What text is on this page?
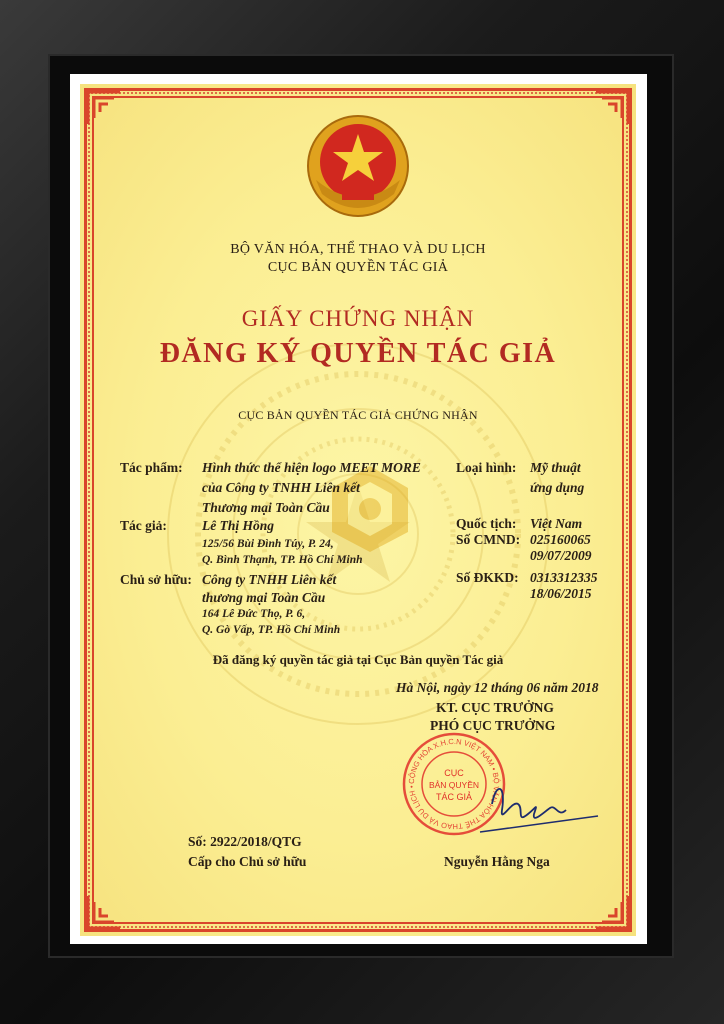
BỘ VĂN HÓA, THỂ THAO VÀ DU LỊCH
CỤC BẢN QUYỀN TÁC GIẢ
GIẤY CHỨNG NHẬN
ĐĂNG KÝ QUYỀN TÁC GIẢ
CỤC BẢN QUYỀN TÁC GIẢ CHỨNG NHẬN
Tác phẩm: Hình thức thể hiện logo MEET MORE
của Công ty TNHH Liên kết
Thương mại Toàn Cầu
Loại hình: Mỹ thuật
ứng dụng
Tác giả:	Lê Thị Hồng
125/56 Bùi Đình Túy, P. 24,
Q. Bình Thạnh, TP. Hồ Chí Minh
Quốc tịch: Việt Nam
Số CMND: 025160065
09/07/2009
Chủ sở hữu: Công ty TNHH Liên kết
thương mại Toàn Cầu
164 Lê Đức Thọ, P. 6,
Q. Gò Vấp, TP. Hồ Chí Minh
Số ĐKKD: 0313312335
18/06/2015
Đã đăng ký quyền tác giả tại Cục Bản quyền Tác giả
Hà Nội, ngày 12 tháng 06 năm 2018
KT. CỤC TRƯỞNG
PHÓ CỤC TRƯỞNG
CỘNG HÒA X.H.C.N VIỆT NAM • BỘ VĂN HÓA THỂ THAO VÀ DU LỊCH •
CỤC
BẢN QUYỀN
TÁC GIẢ
Số: 2922/2018/QTG
Cấp cho Chủ sở hữu	Nguyễn Hằng Nga
